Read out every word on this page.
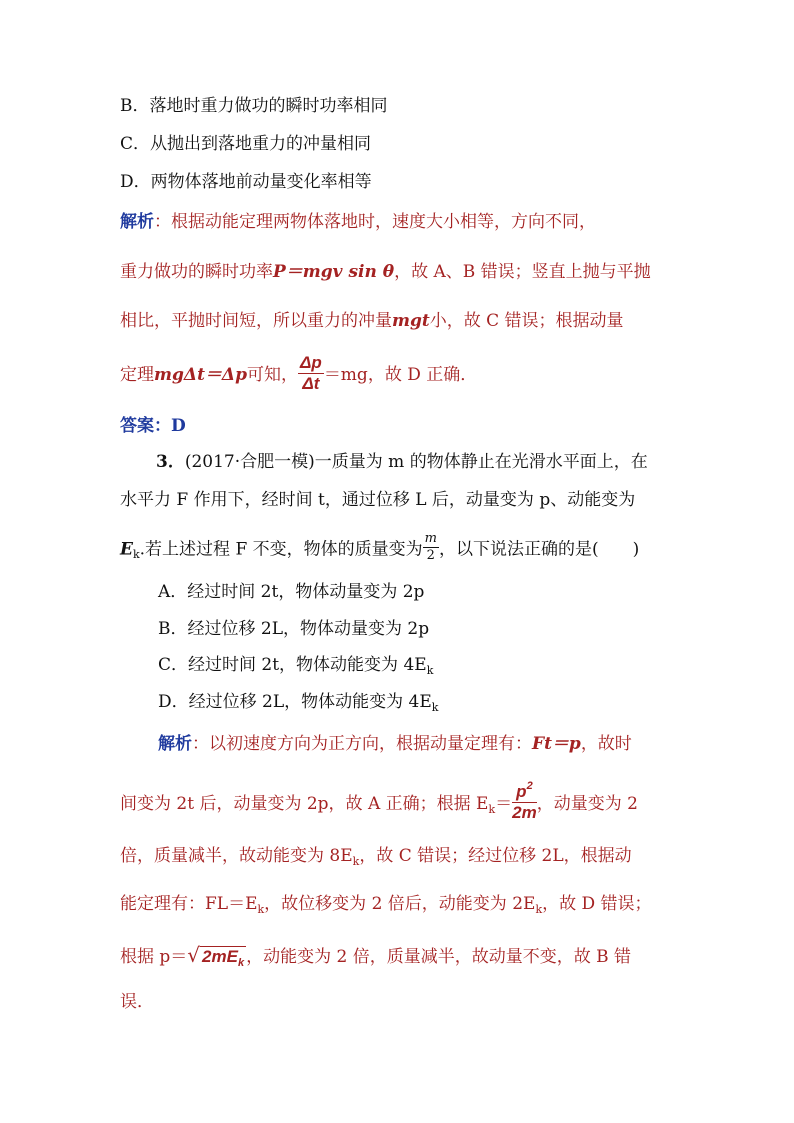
B．落地时重力做功的瞬时功率相同
C．从抛出到落地重力的冲量相同
D．两物体落地前动量变化率相等
解析：根据动能定理两物体落地时，速度大小相等，方向不同，
重力做功的瞬时功率P＝mgv sin θ，故 A、B 错误；竖直上抛与平抛
相比，平抛时间短，所以重力的冲量mgt小，故 C 错误；根据动量
定理mgΔt＝Δp可知， $\frac{\Delta p}{\Delta t} =mg$，故 D 正确．
答案：D
3．(2017·合肥一模)一质量为 m 的物体静止在光滑水平面上，在
水平力 F 作用下，经时间 t，通过位移 L 后，动量变为 p、动能变为
$E_k$.若上述过程 F 不变，物体的质量变为 $\frac{m}{2}$ ，以下说法正确的是(　　)
A．经过时间 2t，物体动量变为 2p
B．经过位移 2L，物体动量变为 2p
C．经过时间 2t，物体动能变为 $4E_k$
D．经过位移 2L，物体动能变为 $4E_k$
解析：以初速度方向为正方向，根据动量定理有：Ft＝p，故时
间变为 2t 后，动量变为 2p，故 A 正确；根据 $E_k= \frac{p^2}{2m}$ ，动量变为 2
倍，质量减半，故动能变为 $8E_k$，故 C 错误；经过位移 2L，根据动
能定理有：$FL=E_k$，故位移变为 2 倍后，动能变为 $2E_k$，故 D 错误；
根据 p＝√ $2mE_k$ ，动能变为 2 倍，质量减半，故动量不变，故 B 错
误．
